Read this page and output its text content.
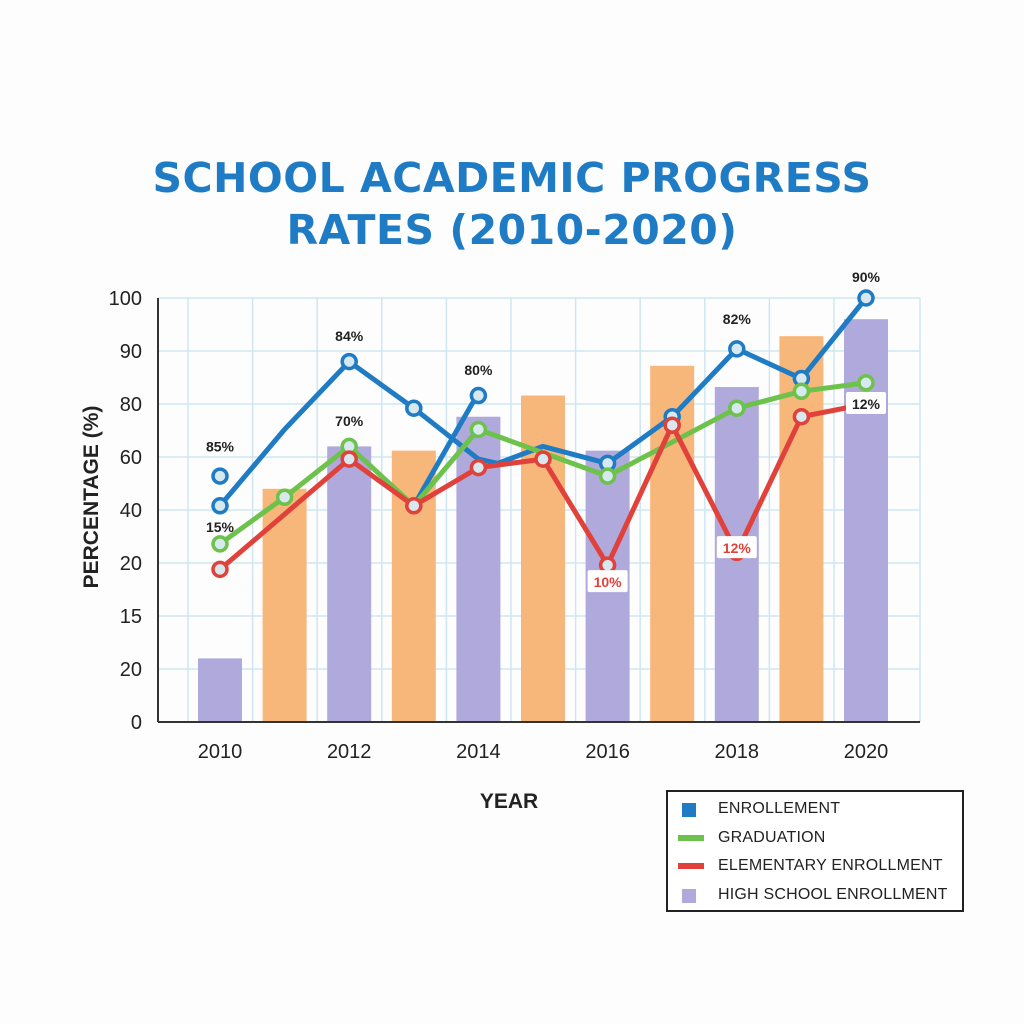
0
20
15
20
40
60
80
90
100
2010	2012	2014	2016	2018	2020
YEAR
PERCENTAGE (%)	85%
15%
84%
70%
80%
10%
82%
12%
90%
12%
SCHOOL ACADEMIC PROGRESS
RATES (2010-2020)
ENROLLEMENT
GRADUATION
ELEMENTARY ENROLLMENT
HIGH SCHOOL ENROLLMENT
